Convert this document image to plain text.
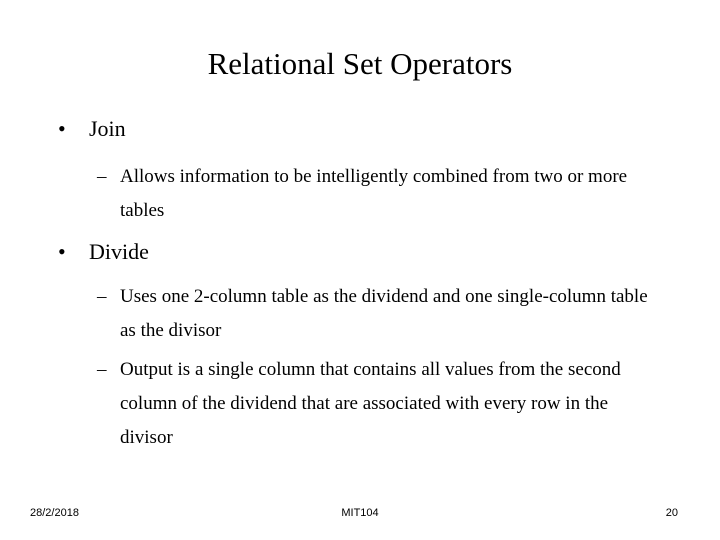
Relational Set Operators
• Join
– Allows information to be intelligently combined from two or more tables
• Divide
– Uses one 2-column table as the dividend and one single-column table as the divisor
– Output is a single column that contains all values from the second column of the dividend that are associated with every row in the divisor
28/2/2018	MIT104	20
